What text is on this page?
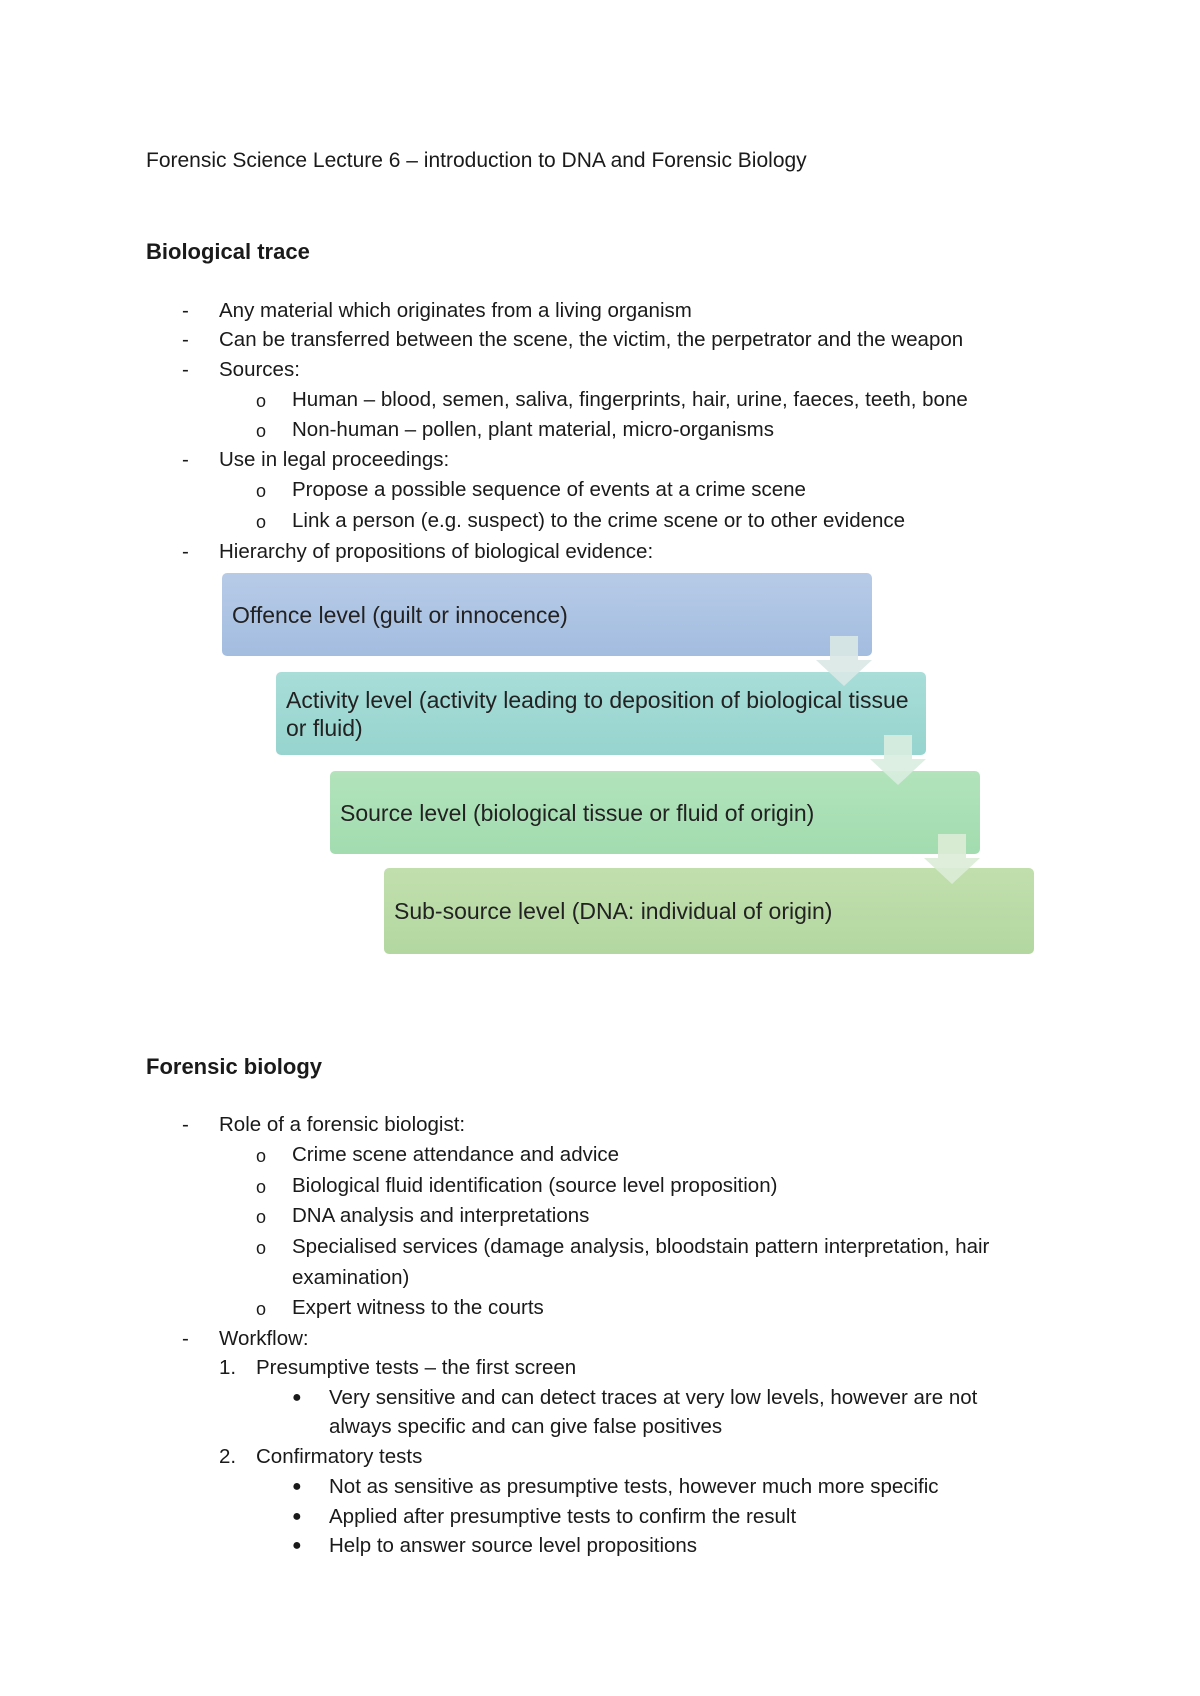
Forensic Science Lecture 6 – introduction to DNA and Forensic Biology
Biological trace
-	Any material which originates from a living organism
-	Can be transferred between the scene, the victim, the perpetrator and the weapon
-	Sources:
o Human – blood, semen, saliva, fingerprints, hair, urine, faeces, teeth, bone
o Non-human – pollen, plant material, micro-organisms
-	Use in legal proceedings:
o Propose a possible sequence of events at a crime scene
o Link a person (e.g. suspect) to the crime scene or to other evidence
-	Hierarchy of propositions of biological evidence:
Offence level (guilt or innocence)
Activity level (activity leading to deposition of biological tissue or fluid)
Source level (biological tissue or fluid of origin)
Sub-source level (DNA: individual of origin)
Forensic biology
-	Role of a forensic biologist:
o Crime scene attendance and advice
o Biological fluid identification (source level proposition)
o DNA analysis and interpretations
o Specialised services (damage analysis, bloodstain pattern interpretation, hair
examination)
o Expert witness to the courts
-	Workflow:
1. Presumptive tests – the first screen
● Very sensitive and can detect traces at very low levels, however are not
always specific and can give false positives
2. Confirmatory tests
● Not as sensitive as presumptive tests, however much more specific
● Applied after presumptive tests to confirm the result
● Help to answer source level propositions
